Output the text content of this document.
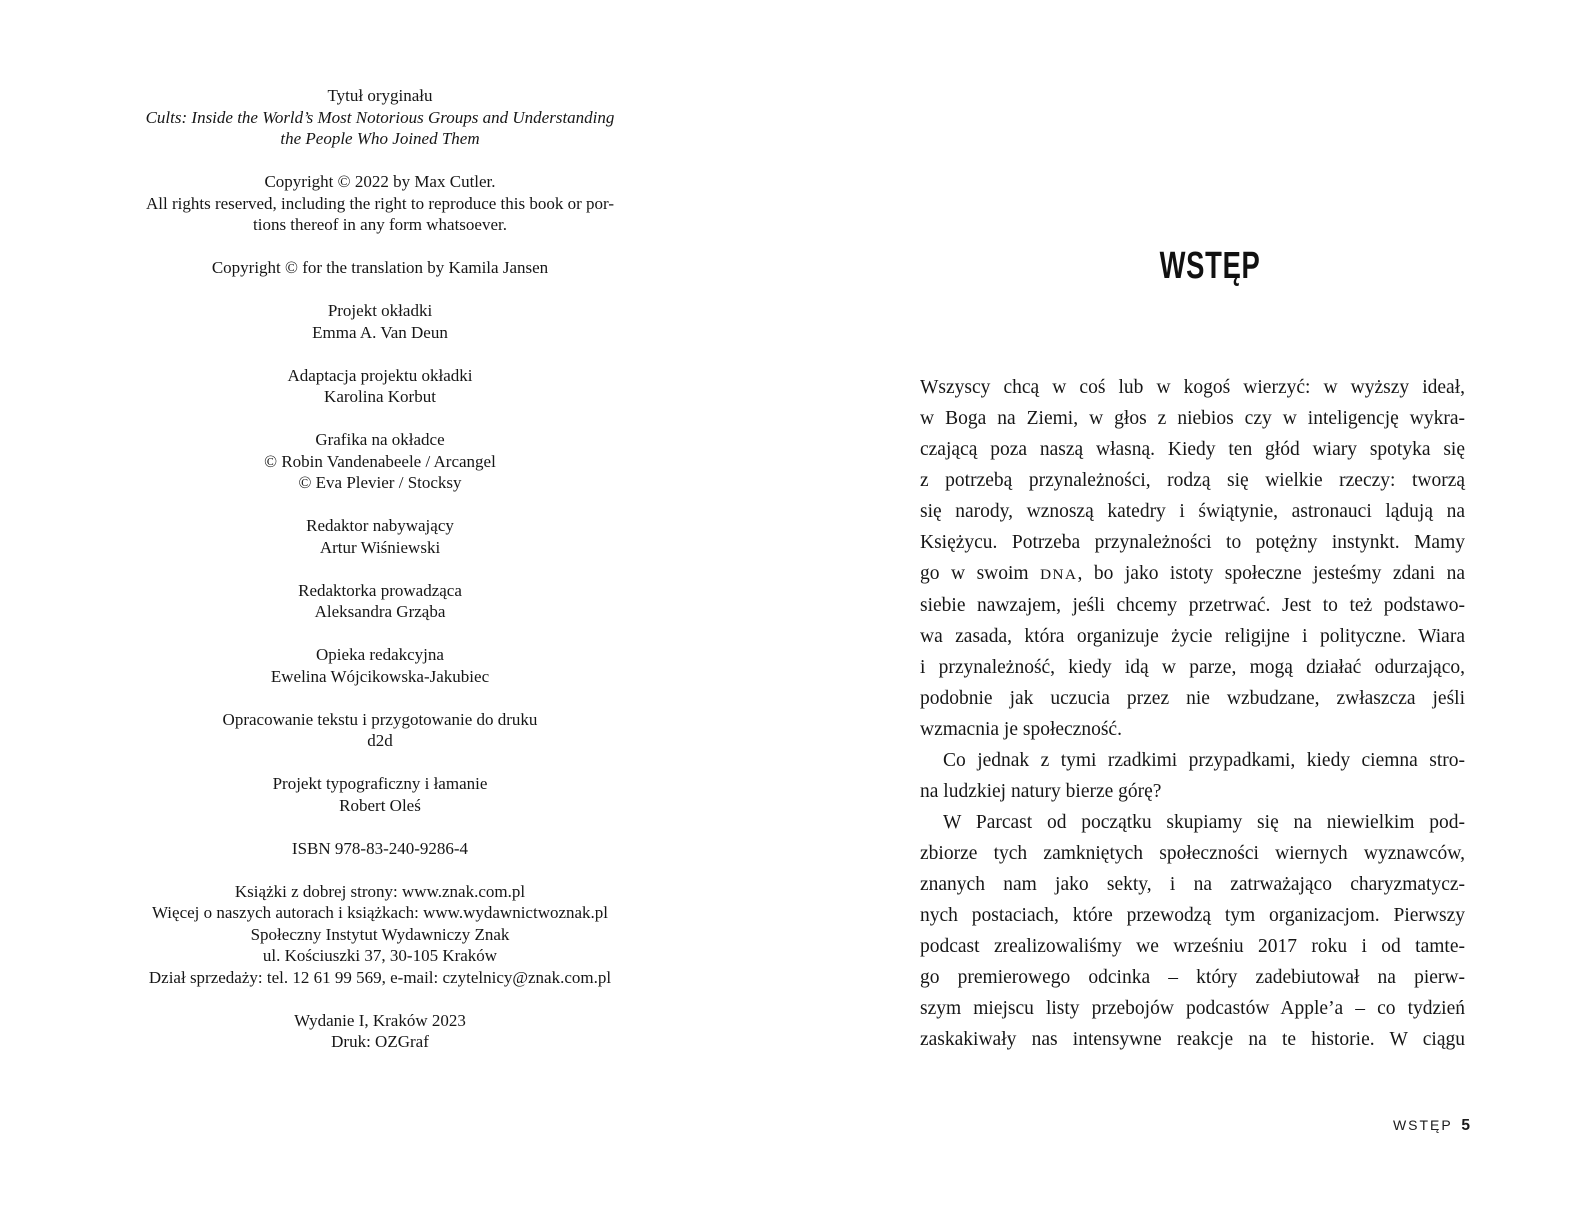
Tytuł oryginału
Cults: Inside the World’s Most Notorious Groups and Understanding
the People Who Joined Them
Copyright © 2022 by Max Cutler.
All rights reserved, including the right to reproduce this book or por-
tions thereof in any form whatsoever.
Copyright © for the translation by Kamila Jansen
Projekt okładki
Emma A. Van Deun
Adaptacja projektu okładki
Karolina Korbut
Grafika na okładce
© Robin Vandenabeele / Arcangel
© Eva Plevier / Stocksy
Redaktor nabywający
Artur Wiśniewski
Redaktorka prowadząca
Aleksandra Grząba
Opieka redakcyjna
Ewelina Wójcikowska-Jakubiec
Opracowanie tekstu i przygotowanie do druku
d2d
Projekt typograficzny i łamanie
Robert Oleś
ISBN 978-83-240-9286-4
Książki z dobrej strony: www.znak.com.pl
Więcej o naszych autorach i książkach: www.wydawnictwoznak.pl
Społeczny Instytut Wydawniczy Znak
ul. Kościuszki 37, 30-105 Kraków
Dział sprzedaży: tel. 12 61 99 569, e-mail: czytelnicy@znak.com.pl
Wydanie I, Kraków 2023
Druk: OZGraf
WSTĘP
Wszyscy chcą w coś lub w kogoś wierzyć: w wyższy ideał,
w Boga na Ziemi, w głos z niebios czy w inteligencję wykra-
czającą poza naszą własną. Kiedy ten głód wiary spotyka się
z potrzebą przynależności, rodzą się wielkie rzeczy: tworzą
się narody, wznoszą katedry i świątynie, astronauci lądują na
Księżycu. Potrzeba przynależności to potężny instynkt. Mamy
go w swoim DNA, bo jako istoty społeczne jesteśmy zdani na
siebie nawzajem, jeśli chcemy przetrwać. Jest to też podstawo-
wa zasada, która organizuje życie religijne i polityczne. Wiara
i przynależność, kiedy idą w parze, mogą działać odurzająco,
podobnie jak uczucia przez nie wzbudzane, zwłaszcza jeśli
wzmacnia je społeczność.
Co jednak z tymi rzadkimi przypadkami, kiedy ciemna stro-
na ludzkiej natury bierze górę?
W Parcast od początku skupiamy się na niewielkim pod-
zbiorze tych zamkniętych społeczności wiernych wyznawców,
znanych nam jako sekty, i na zatrważająco charyzmatycz-
nych postaciach, które przewodzą tym organizacjom. Pierwszy
podcast zrealizowaliśmy we wrześniu 2017 roku i od tamte-
go premierowego odcinka – który zadebiutował na pierw-
szym miejscu listy przebojów podcastów Apple’a – co tydzień
zaskakiwały nas intensywne reakcje na te historie. W ciągu
WSTĘP 5
